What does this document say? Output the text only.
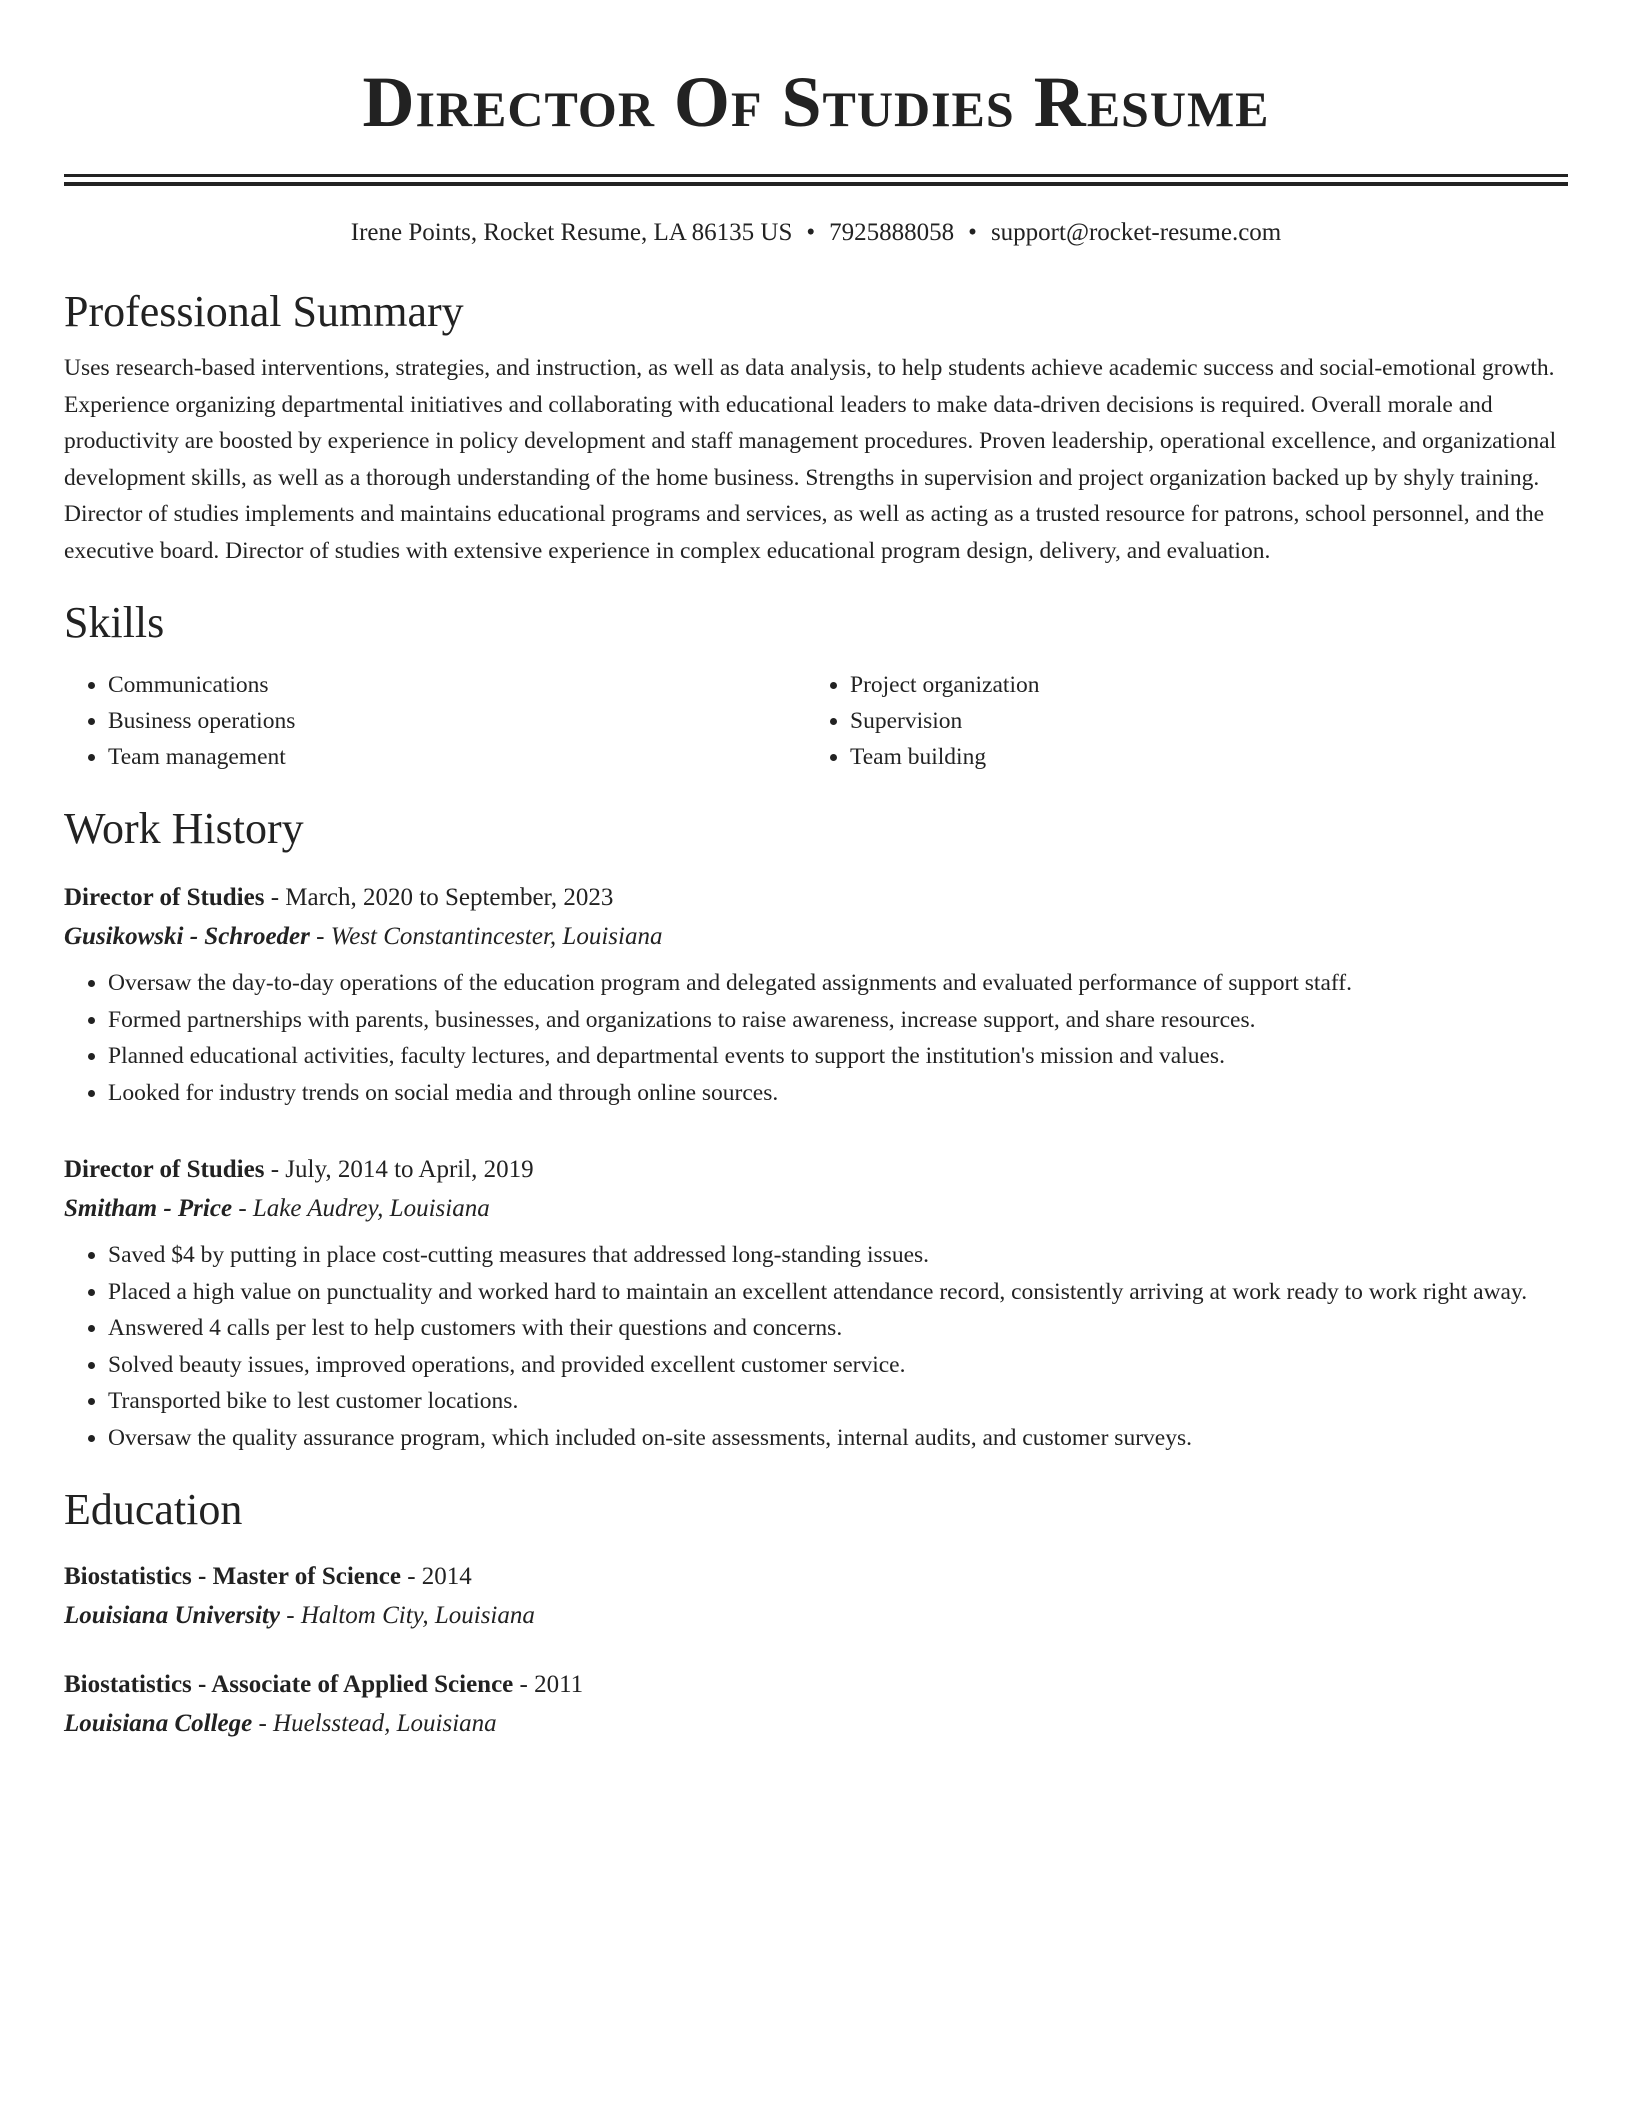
Director Of Studies Resume
Irene Points, Rocket Resume, LA 86135 US • 7925888058 • support@rocket-resume.com
Professional Summary

Uses research-based interventions, strategies, and instruction, as well as data analysis, to help students achieve academic success and social-emotional growth. Experience organizing departmental initiatives and collaborating with educational leaders to make data-driven decisions is required. Overall morale and productivity are boosted by experience in policy development and staff management procedures. Proven leadership, operational excellence, and organizational development skills, as well as a thorough understanding of the home business. Strengths in supervision and project organization backed up by shyly training. Director of studies implements and maintains educational programs and services, as well as acting as a trusted resource for patrons, school personnel, and the executive board. Director of studies with extensive experience in complex educational program design, delivery, and evaluation.

Skills
• Communications
• Business operations
• Team management
• Project organization
• Supervision
• Team building
Work History
Director of Studies - March, 2020 to September, 2023
Gusikowski - Schroeder - West Constantincester, Louisiana
• Oversaw the day-to-day operations of the education program and delegated assignments and evaluated performance of support staff.
• Formed partnerships with parents, businesses, and organizations to raise awareness, increase support, and share resources.
• Planned educational activities, faculty lectures, and departmental events to support the institution's mission and values.
• Looked for industry trends on social media and through online sources.
Director of Studies - July, 2014 to April, 2019
Smitham - Price - Lake Audrey, Louisiana
• Saved $4 by putting in place cost-cutting measures that addressed long-standing issues.
• Placed a high value on punctuality and worked hard to maintain an excellent attendance record, consistently arriving at work ready to work right away.
• Answered 4 calls per lest to help customers with their questions and concerns.
• Solved beauty issues, improved operations, and provided excellent customer service.
• Transported bike to lest customer locations.
• Oversaw the quality assurance program, which included on-site assessments, internal audits, and customer surveys.
Education
Biostatistics - Master of Science - 2014
Louisiana University - Haltom City, Louisiana
Biostatistics - Associate of Applied Science - 2011
Louisiana College - Huelsstead, Louisiana
